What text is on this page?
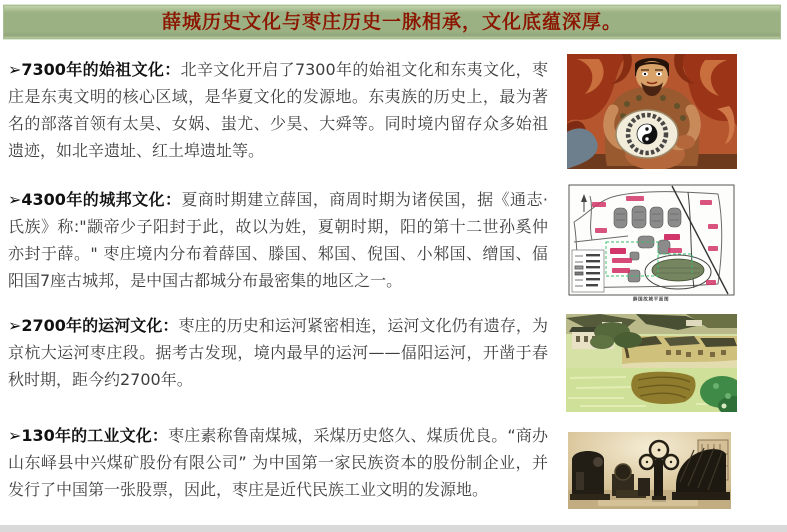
薛城历史文化与枣庄历史一脉相承，文化底蕴深厚。
➢7300年的始祖文化：北辛文化开启了7300年的始祖文化和东夷文化，枣庄是东夷文明的核心区域，是华夏文化的发源地。东夷族的历史上，最为著名的部落首领有太昊、女娲、蚩尤、少昊、大舜等。同时境内留存众多始祖遗迹，如北辛遗址、红土埠遗址等。
➢4300年的城邦文化：夏商时期建立薛国，商周时期为诸侯国，据《通志·氏族》称:"颛帝少子阳封于此，故以为姓，夏朝时期，阳的第十二世孙奚仲亦封于薛。" 枣庄境内分布着薛国、滕国、邾国、倪国、小邾国、缯国、偪阳国7座古城邦，是中国古都城分布最密集的地区之一。
➢2700年的运河文化：枣庄的历史和运河紧密相连，运河文化仍有遗存，为京杭大运河枣庄段。据考古发现，境内最早的运河——偪阳运河，开凿于春秋时期，距今约2700年。
➢130年的工业文化：枣庄素称鲁南煤城，采煤历史悠久、煤质优良。“商办山东峄县中兴煤矿股份有限公司” 为中国第一家民族资本的股份制企业，并发行了中国第一张股票，因此，枣庄是近代民族工业文明的发源地。
薛国故城平面图
